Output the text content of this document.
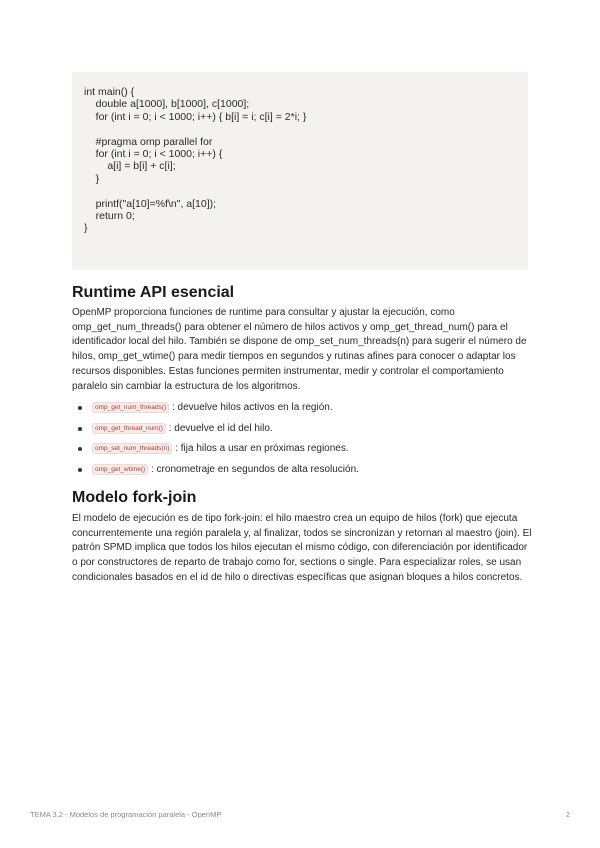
int main() {
double a[1000], b[1000], c[1000];
for (int i = 0; i < 1000; i++) { b[i] = i; c[i] = 2*i; }
#pragma omp parallel for
for (int i = 0; i < 1000; i++) {
a[i] = b[i] + c[i];
}
printf("a[10]=%f\n", a[10]);
return 0;
}
Runtime API esencial

OpenMP proporciona funciones de runtime para consultar y ajustar la ejecución, como omp_get_num_threads() para obtener el número de hilos activos y omp_get_thread_num() para el identificador local del hilo. También se dispone de omp_set_num_threads(n) para sugerir el número de hilos, omp_get_wtime() para medir tiempos en segundos y rutinas afines para conocer o adaptar los recursos disponibles. Estas funciones permiten instrumentar, medir y controlar el comportamiento paralelo sin cambiar la estructura de los algoritmos.

omp_get_num_threads() : devuelve hilos activos en la región.
omp_get_thread_num() : devuelve el id del hilo.
omp_set_num_threads(n) : fija hilos a usar en próximas regiones.
omp_get_wtime() : cronometraje en segundos de alta resolución.
Modelo fork-join

El modelo de ejecución es de tipo fork-join: el hilo maestro crea un equipo de hilos (fork) que ejecuta concurrentemente una región paralela y, al finalizar, todos se sincronizan y retornan al maestro (join). El patrón SPMD implica que todos los hilos ejecutan el mismo código, con diferenciación por identificador o por constructores de reparto de trabajo como for, sections o single. Para especializar roles, se usan condicionales basados en el id de hilo o directivas específicas que asignan bloques a hilos concretos.

TEMA 3.2 - Modelos de programación paralela - OpenMP	2
